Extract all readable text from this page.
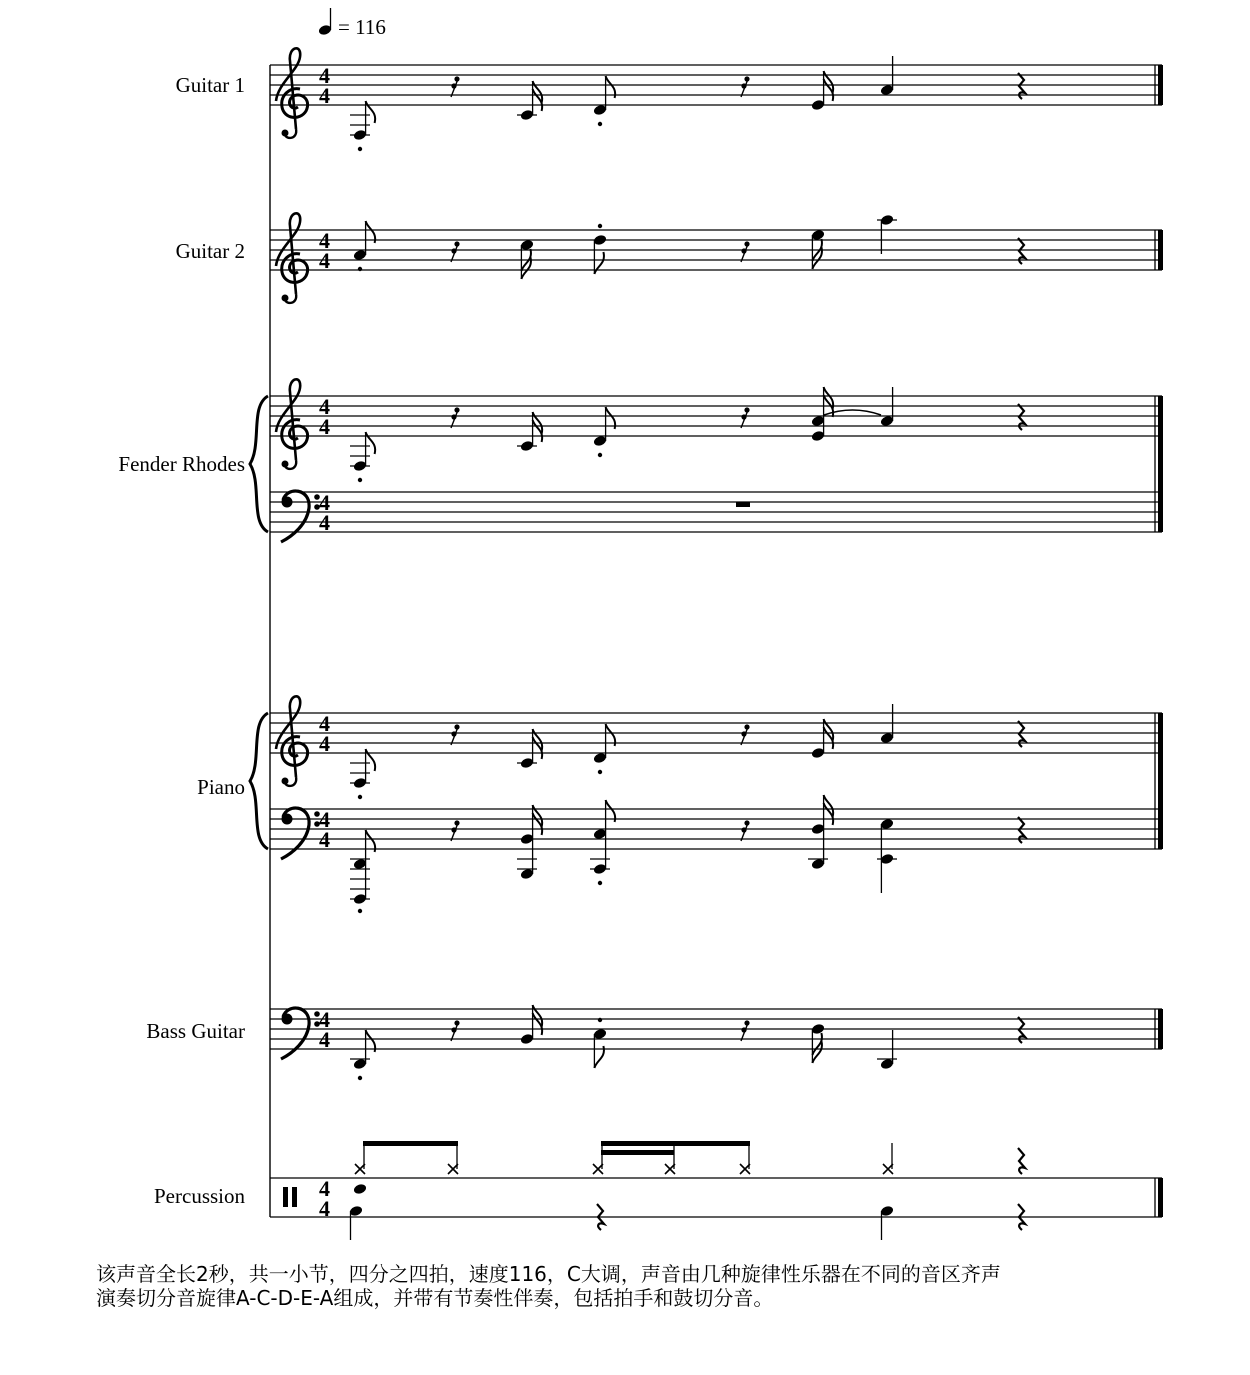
4
4
Guitar 1
4
4
Guitar 2
4
4
4
4
Fender Rhodes
4
4
4
4
Piano
4
4
Bass Guitar
4
4
Percussion
= 116
该声音全长2秒，共一小节，四分之四拍，速度116，C大调，声音由几种旋律性乐器在不同的音区齐声
演奏切分音旋律A-C-D-E-A组成，并带有节奏性伴奏，包括拍手和鼓切分音。
